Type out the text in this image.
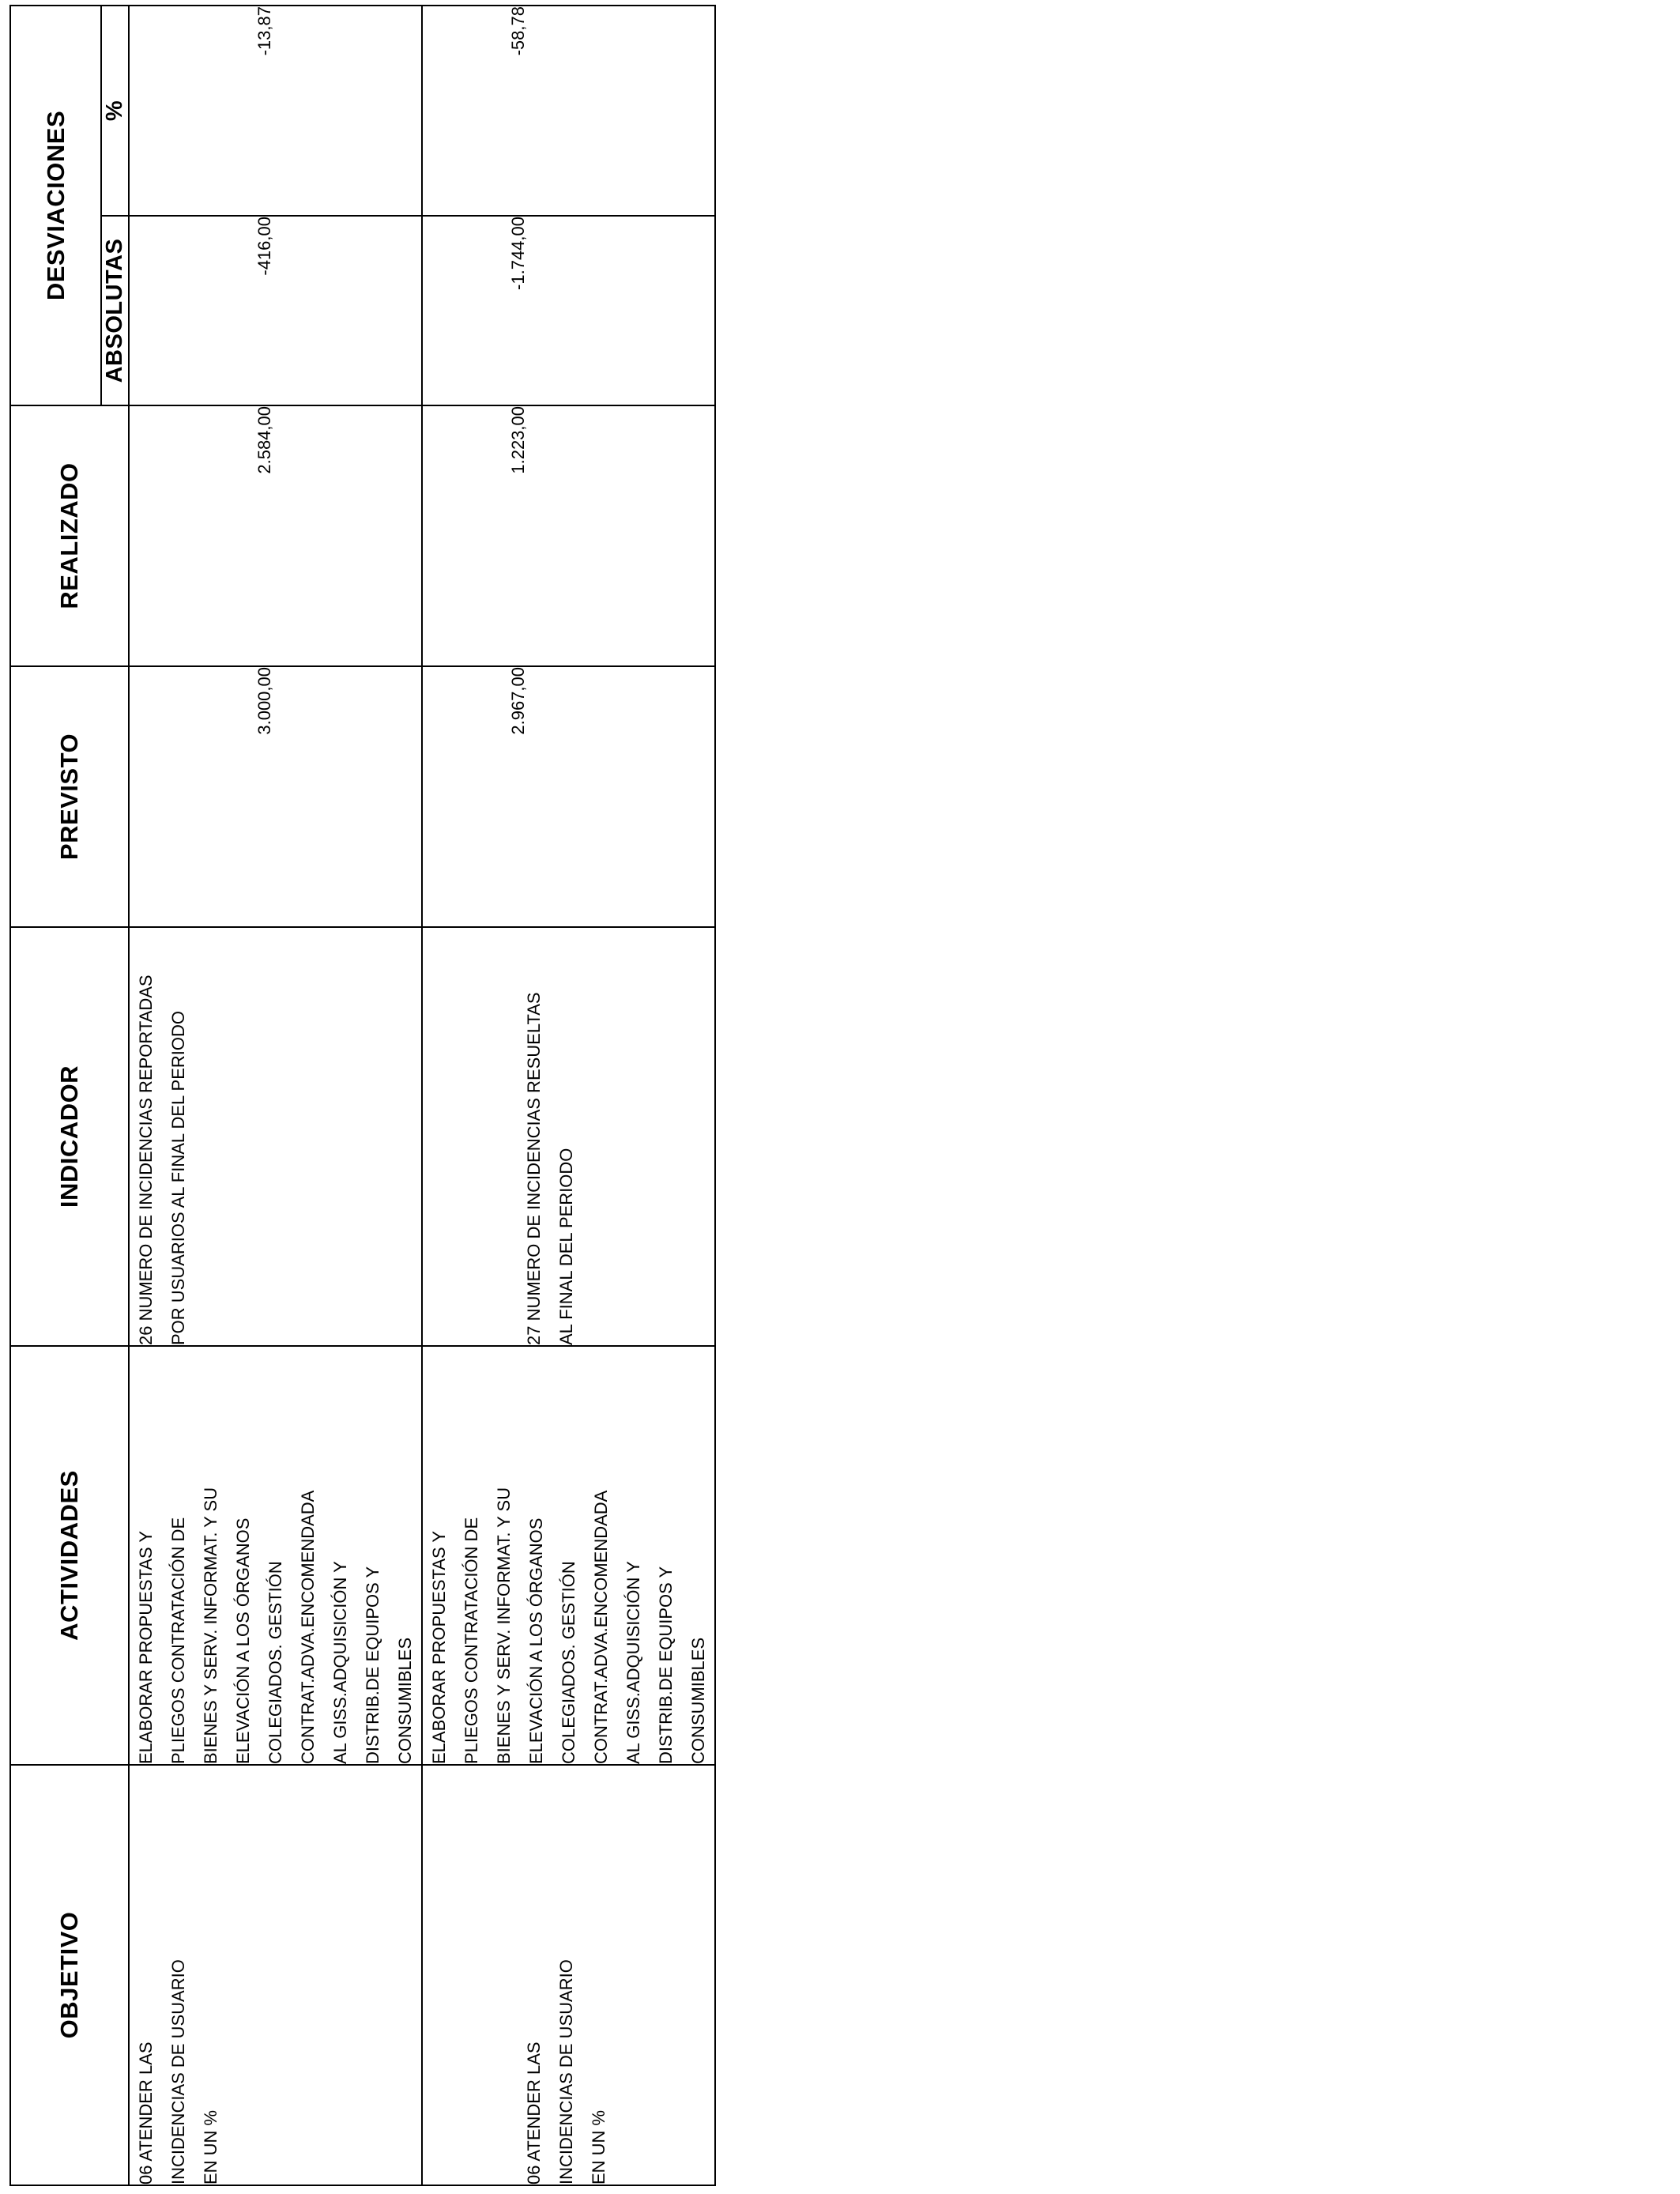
OBJETIVO	ACTIVIDADES	INDICADOR	PREVISTO	REALIZADO	DESVIACIONES	
					ABSOLUTAS	%

06 ATENDER LAS INCIDENCIAS DE USUARIO EN UN %	ELABORAR PROPUESTAS Y PLIEGOS CONTRATACIÓN DE BIENES Y SERV. INFORMAT. Y SU ELEVACIÓN A LOS ÓRGANOS COLEGIADOS. GESTIÓN CONTRAT.ADVA.ENCOMENDADA AL GISS.ADQUISICIÓN Y DISTRIB.DE EQUIPOS Y CONSUMIBLES	26 NUMERO DE INCIDENCIAS REPORTADAS POR USUARIOS AL FINAL DEL PERIODO	3.000,00	2.584,00	-416,00	-13,87

06 ATENDER LAS INCIDENCIAS DE USUARIO EN UN %	ELABORAR PROPUESTAS Y PLIEGOS CONTRATACIÓN DE BIENES Y SERV. INFORMAT. Y SU ELEVACIÓN A LOS ÓRGANOS COLEGIADOS. GESTIÓN CONTRAT.ADVA.ENCOMENDADA AL GISS.ADQUISICIÓN Y DISTRIB.DE EQUIPOS Y CONSUMIBLES	27 NUMERO DE INCIDENCIAS RESUELTAS AL FINAL DEL PERIODO	2.967,00	1.223,00	-1.744,00	-58,78
